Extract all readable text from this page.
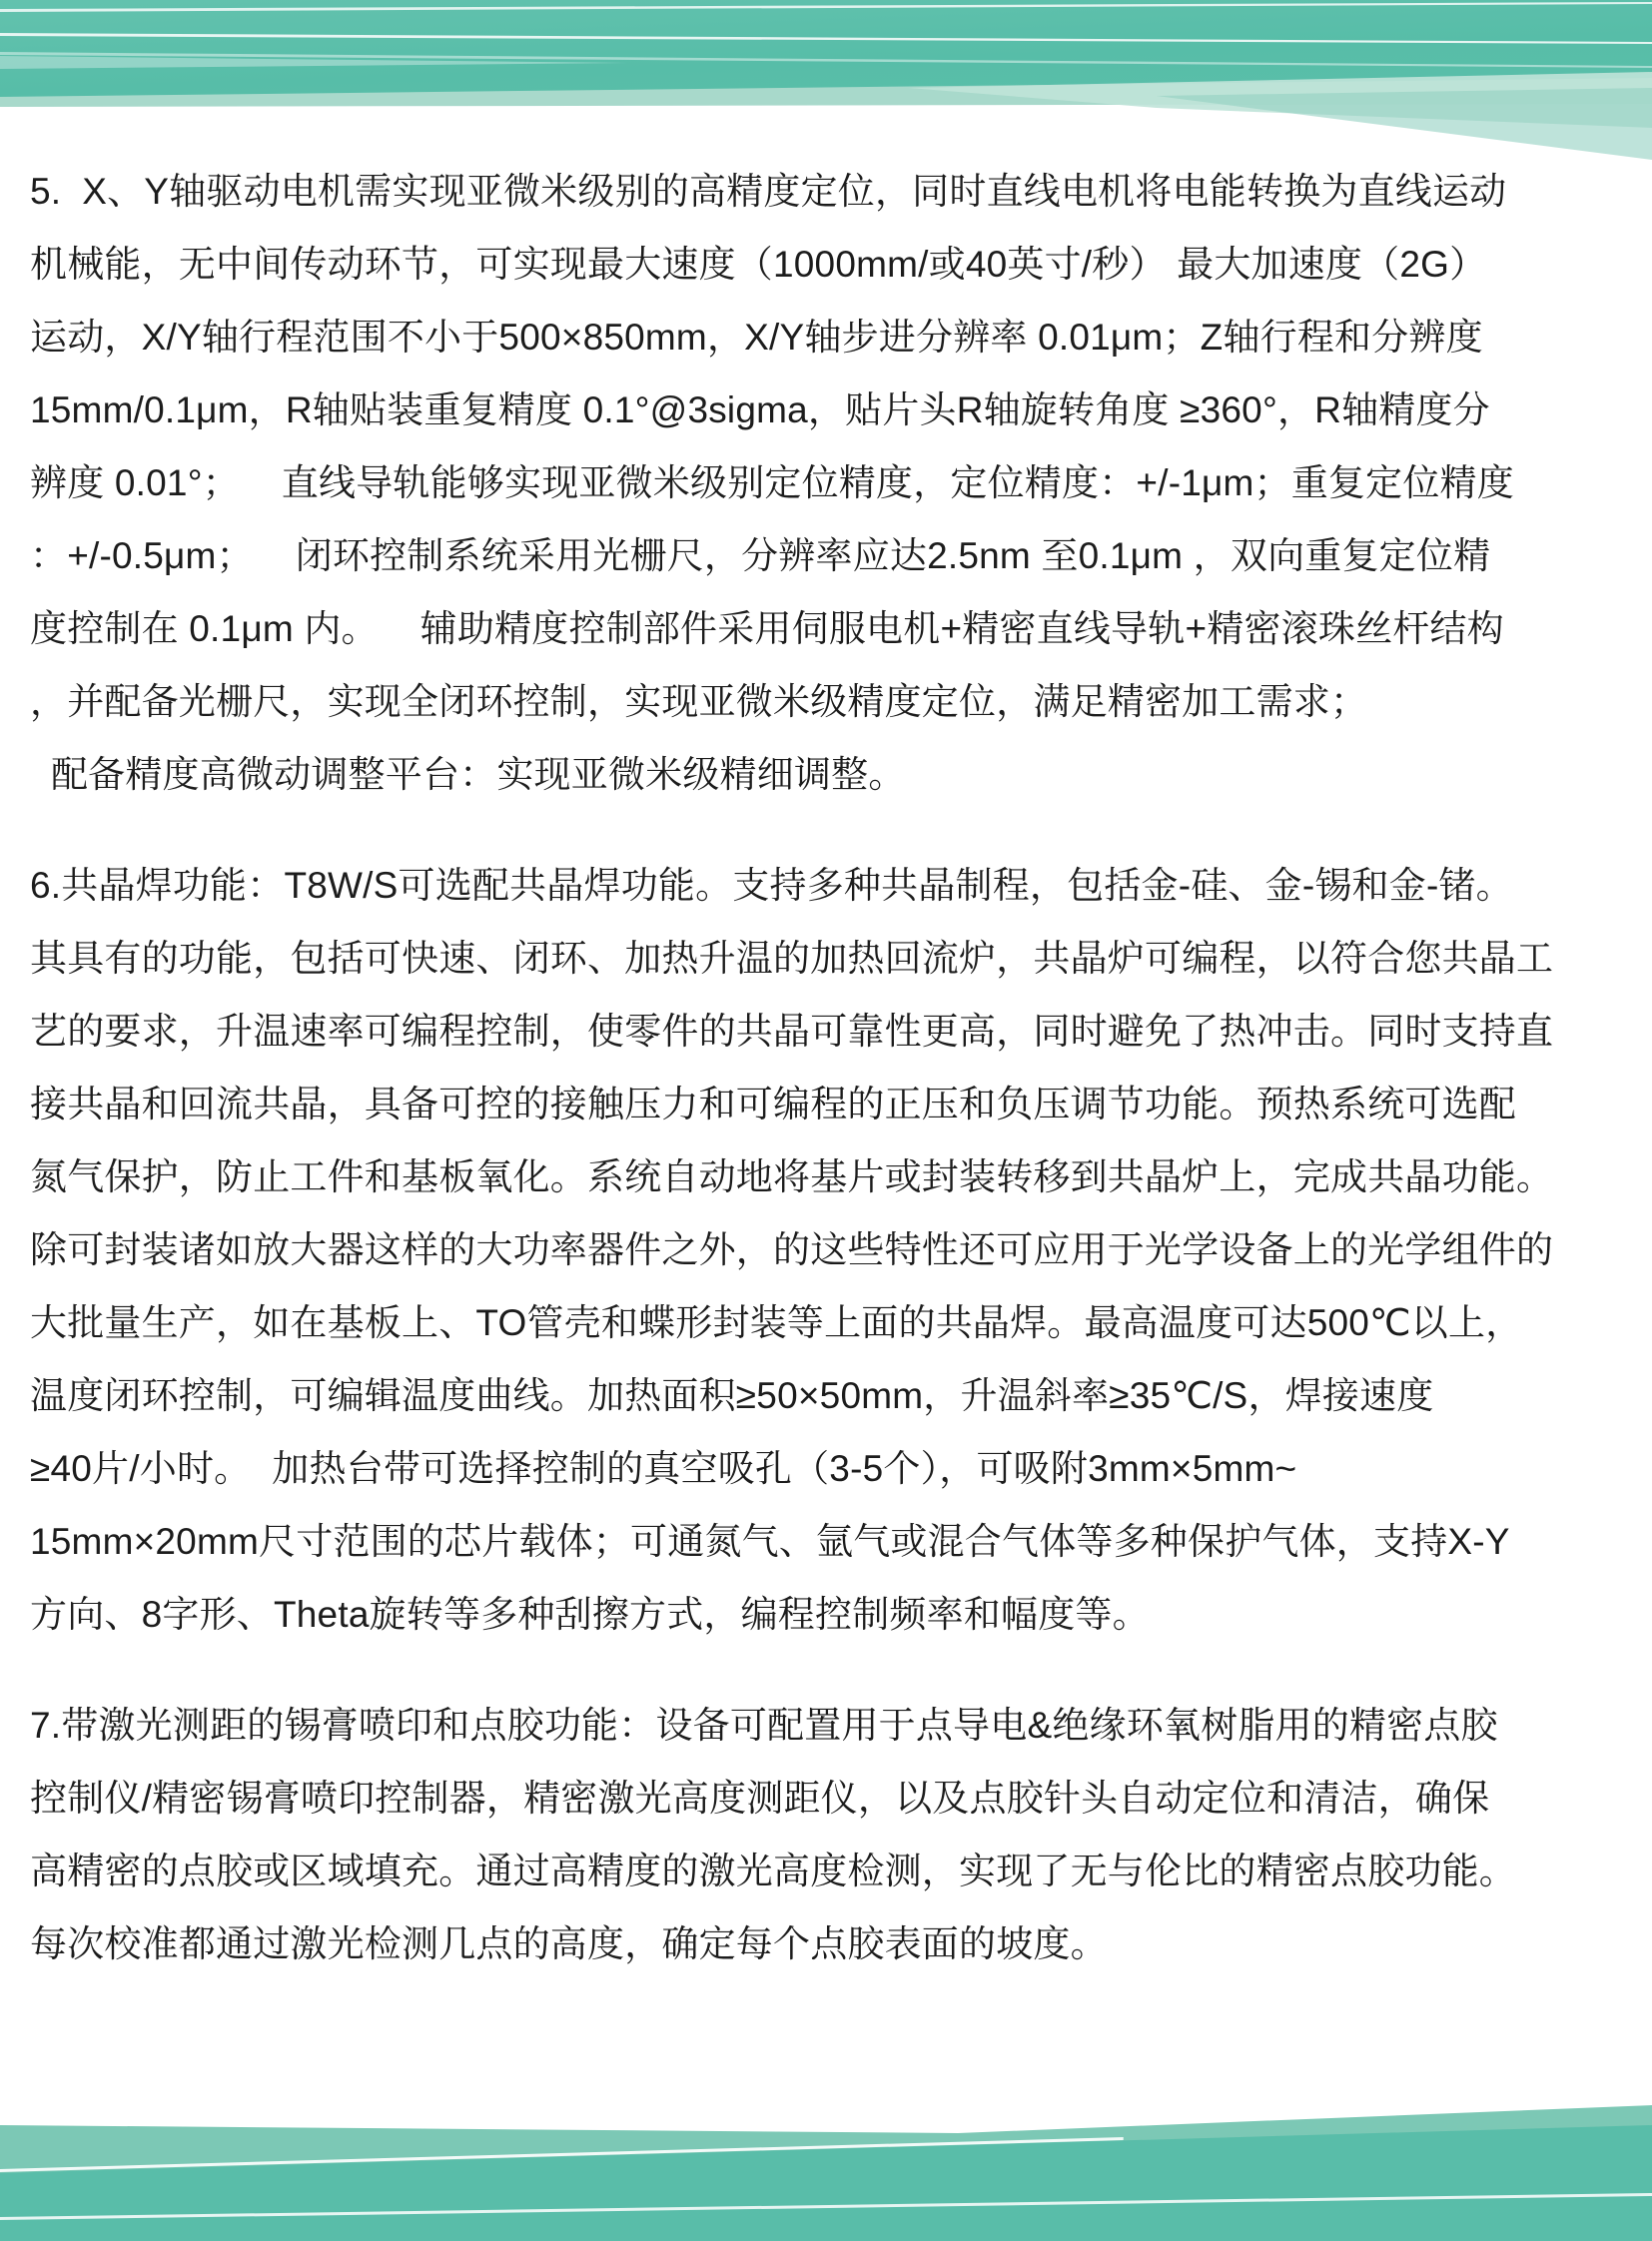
5.  X、Y轴驱动电机需实现亚微米级别的高精度定位，同时直线电机将电能转换为直线运动
机械能，无中间传动环节，可实现最大速度（1000mm/或40英寸/秒） 最大加速度（2G）
运动，X/Y轴行程范围不小于500×850mm，X/Y轴步进分辨率 0.01μm；Z轴行程和分辨度
15mm/0.1μm，R轴贴装重复精度 0.1°@3sigma，贴片头R轴旋转角度 ≥360°，R轴精度分
辨度 0.01°；    直线导轨能够实现亚微米级别定位精度，定位精度：+/-1μm；重复定位精度
：+/-0.5μm；    闭环控制系统采用光栅尺，分辨率应达2.5nm 至0.1μm ，双向重复定位精
度控制在 0.1μm 内。    辅助精度控制部件采用伺服电机+精密直线导轨+精密滚珠丝杆结构
，并配备光栅尺，实现全闭环控制，实现亚微米级精度定位，满足精密加工需求；
配备精度高微动调整平台：实现亚微米级精细调整。
6.共晶焊功能：T8W/S可选配共晶焊功能。支持多种共晶制程，包括金-硅、金-锡和金-锗。
其具有的功能，包括可快速、闭环、加热升温的加热回流炉，共晶炉可编程，以符合您共晶工
艺的要求，升温速率可编程控制，使零件的共晶可靠性更高，同时避免了热冲击。同时支持直
接共晶和回流共晶，具备可控的接触压力和可编程的正压和负压调节功能。预热系统可选配
氮气保护，防止工件和基板氧化。系统自动地将基片或封装转移到共晶炉上，完成共晶功能。
除可封装诸如放大器这样的大功率器件之外，的这些特性还可应用于光学设备上的光学组件的
大批量生产，如在基板上、TO管壳和蝶形封装等上面的共晶焊。最高温度可达500℃以上，
温度闭环控制，可编辑温度曲线。加热面积≥50×50mm，升温斜率≥35℃/S，焊接速度
≥40片/小时。  加热台带可选择控制的真空吸孔（3-5个），可吸附3mm×5mm~
15mm×20mm尺寸范围的芯片载体；可通氮气、氩气或混合气体等多种保护气体，支持X-Y
方向、8字形、Theta旋转等多种刮擦方式，编程控制频率和幅度等。
7.带激光测距的锡膏喷印和点胶功能：设备可配置用于点导电&绝缘环氧树脂用的精密点胶
控制仪/精密锡膏喷印控制器，精密激光高度测距仪，以及点胶针头自动定位和清洁，确保
高精密的点胶或区域填充。通过高精度的激光高度检测，实现了无与伦比的精密点胶功能。
每次校准都通过激光检测几点的高度，确定每个点胶表面的坡度。
